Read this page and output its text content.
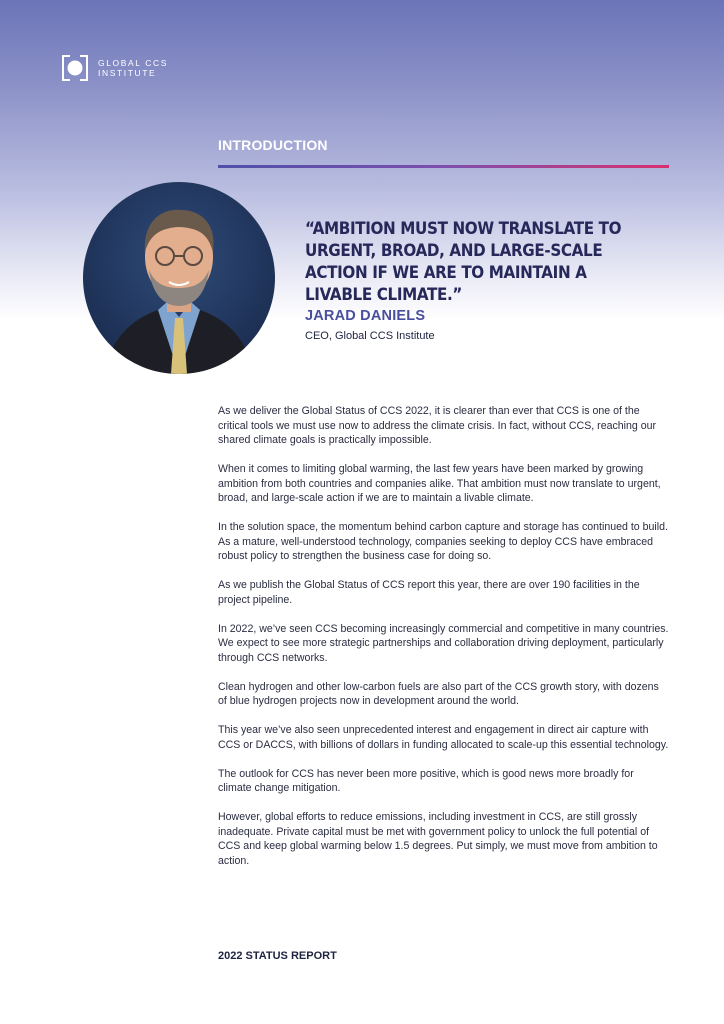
GLOBAL CCS
INSTITUTE
INTRODUCTION
“AMBITION MUST NOW TRANSLATE TO URGENT, BROAD, AND LARGE-SCALE ACTION IF WE ARE TO MAINTAIN A LIVABLE CLIMATE.”
JARAD DANIELS
CEO, Global CCS Institute

As we deliver the Global Status of CCS 2022, it is clearer than ever that CCS is one of the critical tools we must use now to address the climate crisis. In fact, without CCS, reaching our shared climate goals is practically impossible.

When it comes to limiting global warming, the last few years have been marked by growing ambition from both countries and companies alike. That ambition must now translate to urgent, broad, and large-scale action if we are to maintain a livable climate.

In the solution space, the momentum behind carbon capture and storage has continued to build. As a mature, well-understood technology, companies seeking to deploy CCS have embraced robust policy to strengthen the business case for doing so.

As we publish the Global Status of CCS report this year, there are over 190 facilities in the project pipeline.

In 2022, we’ve seen CCS becoming increasingly commercial and competitive in many countries. We expect to see more strategic partnerships and collaboration driving deployment, particularly through CCS networks.

Clean hydrogen and other low-carbon fuels are also part of the CCS growth story, with dozens of blue hydrogen projects now in development around the world.

This year we’ve also seen unprecedented interest and engagement in direct air capture with CCS or DACCS, with billions of dollars in funding allocated to scale-up this essential technology.

The outlook for CCS has never been more positive, which is good news more broadly for climate change mitigation.

However, global efforts to reduce emissions, including investment in CCS, are still grossly inadequate. Private capital must be met with government policy to unlock the full potential of CCS and keep global warming below 1.5 degrees. Put simply, we must move from ambition to action.

2022 STATUS REPORT
